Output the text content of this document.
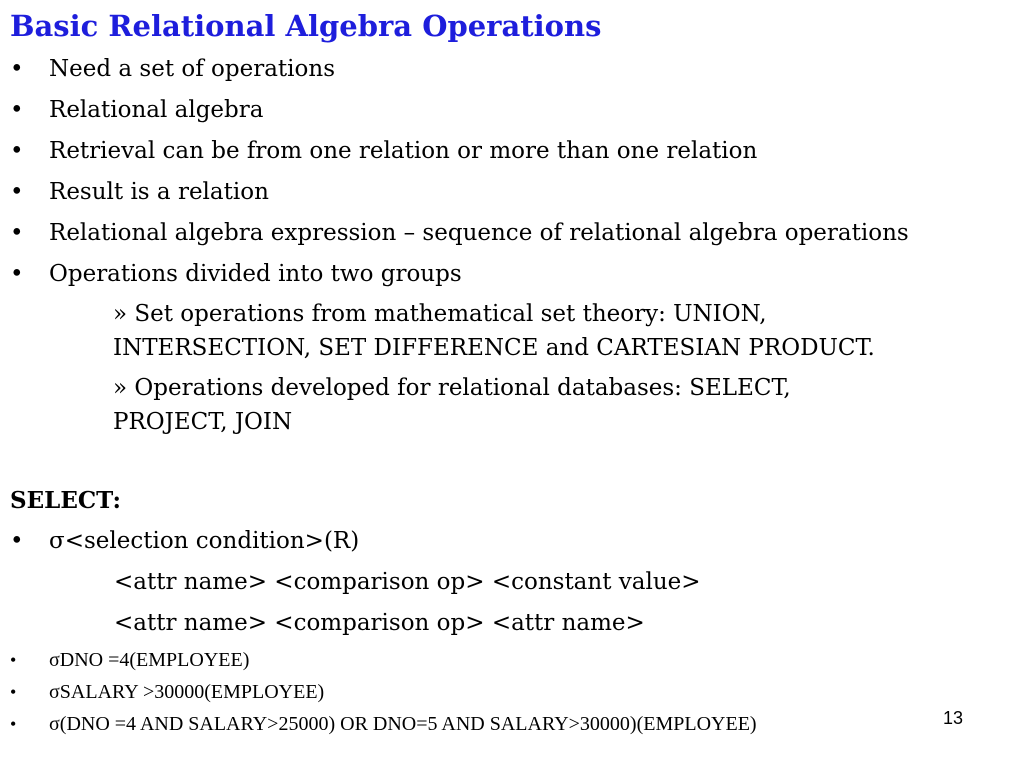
Basic Relational Algebra Operations
• Need a set of operations
• Relational algebra
• Retrieval can be from one relation or more than one relation
• Result is a relation
• Relational algebra expression – sequence of relational algebra operations
• Operations divided into two groups
» Set operations from mathematical set theory: UNION,
INTERSECTION, SET DIFFERENCE and CARTESIAN PRODUCT.
» Operations developed for relational databases: SELECT,
PROJECT, JOIN
SELECT:
• σ<selection condition>(R)
<attr name> <comparison op> <constant value>
<attr name> <comparison op> <attr name>
• σDNO =4(EMPLOYEE)
• σSALARY >30000(EMPLOYEE)
• σ(DNO =4 AND SALARY>25000) OR DNO=5 AND SALARY>30000)(EMPLOYEE)	13
